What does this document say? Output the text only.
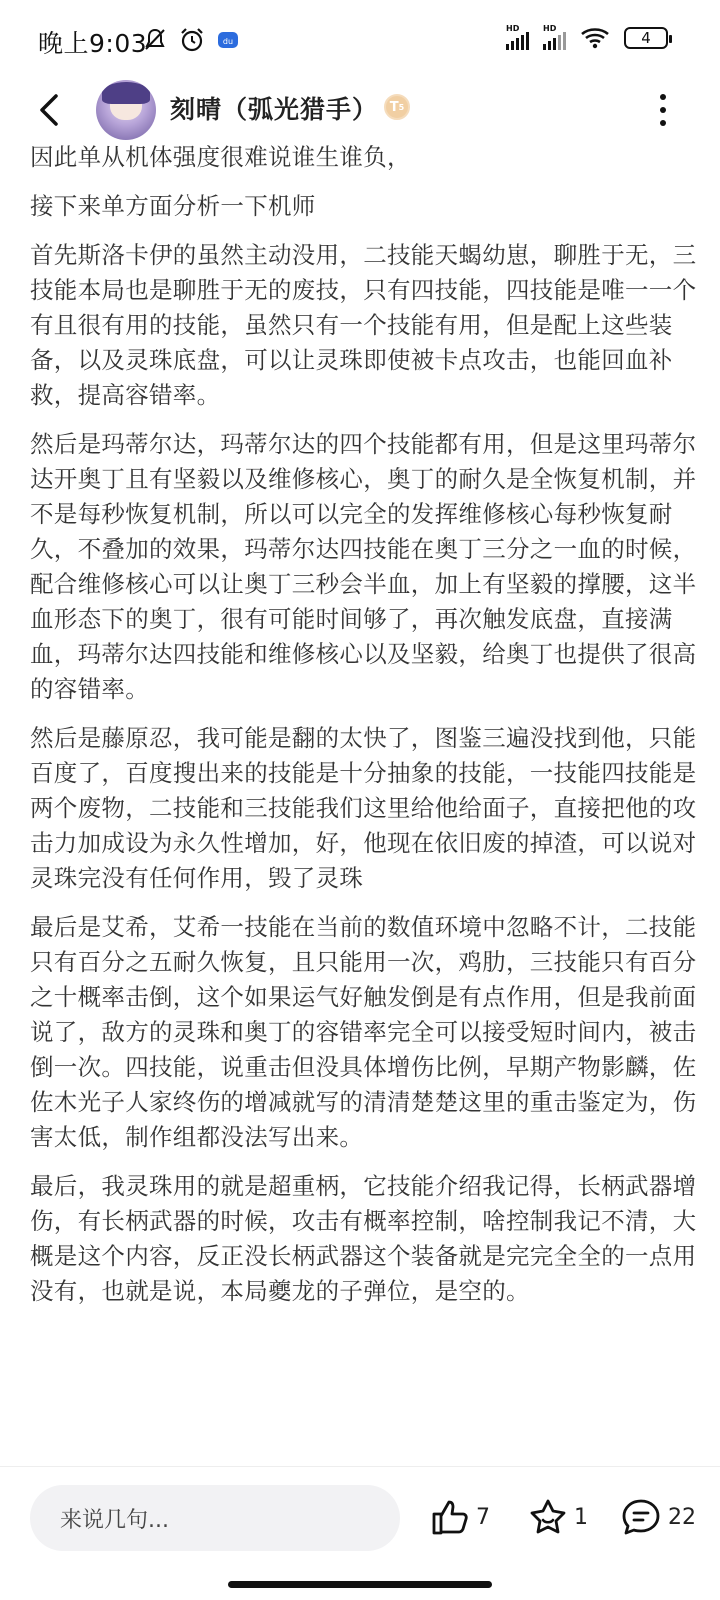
晚上9:03	du
HD	HD
4
刻晴（弧光猎手） T 5

因此单从机体强度很难说谁生谁负，

接下来单方面分析一下机师

首先斯洛卡伊的虽然主动没用，二技能天蝎幼崽，聊胜于无，三技能本局也是聊胜于无的废技，只有四技能，四技能是唯一一个有且很有用的技能，虽然只有一个技能有用，但是配上这些装备，以及灵珠底盘，可以让灵珠即使被卡点攻击，也能回血补救，提高容错率。

然后是玛蒂尔达，玛蒂尔达的四个技能都有用，但是这里玛蒂尔达开奥丁且有坚毅以及维修核心，奥丁的耐久是全恢复机制，并不是每秒恢复机制，所以可以完全的发挥维修核心每秒恢复耐久，不叠加的效果，玛蒂尔达四技能在奥丁三分之一血的时候，配合维修核心可以让奥丁三秒会半血，加上有坚毅的撑腰，这半血形态下的奥丁，很有可能时间够了，再次触发底盘，直接满血，玛蒂尔达四技能和维修核心以及坚毅，给奥丁也提供了很高的容错率。

然后是藤原忍，我可能是翻的太快了，图鉴三遍没找到他，只能百度了，百度搜出来的技能是十分抽象的技能，一技能四技能是两个废物，二技能和三技能我们这里给他给面子，直接把他的攻击力加成设为永久性增加，好，他现在依旧废的掉渣，可以说对灵珠完没有任何作用，毁了灵珠

最后是艾希，艾希一技能在当前的数值环境中忽略不计，二技能只有百分之五耐久恢复，且只能用一次，鸡肋，三技能只有百分之十概率击倒，这个如果运气好触发倒是有点作用，但是我前面说了，敌方的灵珠和奥丁的容错率完全可以接受短时间内，被击倒一次。四技能，说重击但没具体增伤比例，早期产物影麟，佐佐木光子人家终伤的增减就写的清清楚楚这里的重击鉴定为，伤害太低，制作组都没法写出来。

最后，我灵珠用的就是超重柄，它技能介绍我记得，长柄武器增伤，有长柄武器的时候，攻击有概率控制，啥控制我记不清，大概是这个内容，反正没长柄武器这个装备就是完完全全的一点用没有，也就是说，本局夔龙的子弹位，是空的。

来说几句...	7	1	22
